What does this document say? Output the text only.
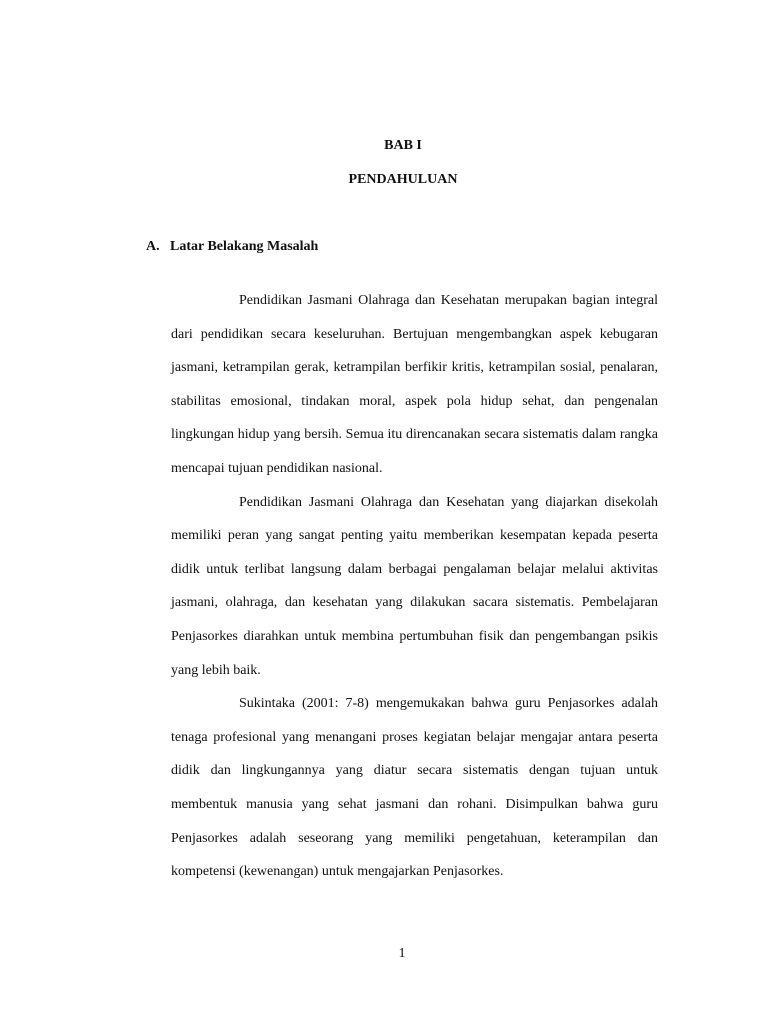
BAB I
PENDAHULUAN
A. Latar Belakang Masalah

Pendidikan Jasmani Olahraga dan Kesehatan merupakan bagian integral dari pendidikan secara keseluruhan. Bertujuan mengembangkan aspek kebugaran jasmani, ketrampilan gerak, ketrampilan berfikir kritis, ketrampilan sosial, penalaran, stabilitas emosional, tindakan moral, aspek pola hidup sehat, dan pengenalan lingkungan hidup yang bersih. Semua itu direncanakan secara sistematis dalam rangka mencapai tujuan pendidikan nasional.

Pendidikan Jasmani Olahraga dan Kesehatan yang diajarkan disekolah memiliki peran yang sangat penting yaitu memberikan kesempatan kepada peserta didik untuk terlibat langsung dalam berbagai pengalaman belajar melalui aktivitas jasmani, olahraga, dan kesehatan yang dilakukan sacara sistematis. Pembelajaran Penjasorkes diarahkan untuk membina pertumbuhan fisik dan pengembangan psikis yang lebih baik.

Sukintaka (2001: 7-8) mengemukakan bahwa guru Penjasorkes adalah tenaga profesional yang menangani proses kegiatan belajar mengajar antara peserta didik dan lingkungannya yang diatur secara sistematis dengan tujuan untuk membentuk manusia yang sehat jasmani dan rohani. Disimpulkan bahwa guru Penjasorkes adalah seseorang yang memiliki pengetahuan, keterampilan dan kompetensi (kewenangan) untuk mengajarkan Penjasorkes.

1
